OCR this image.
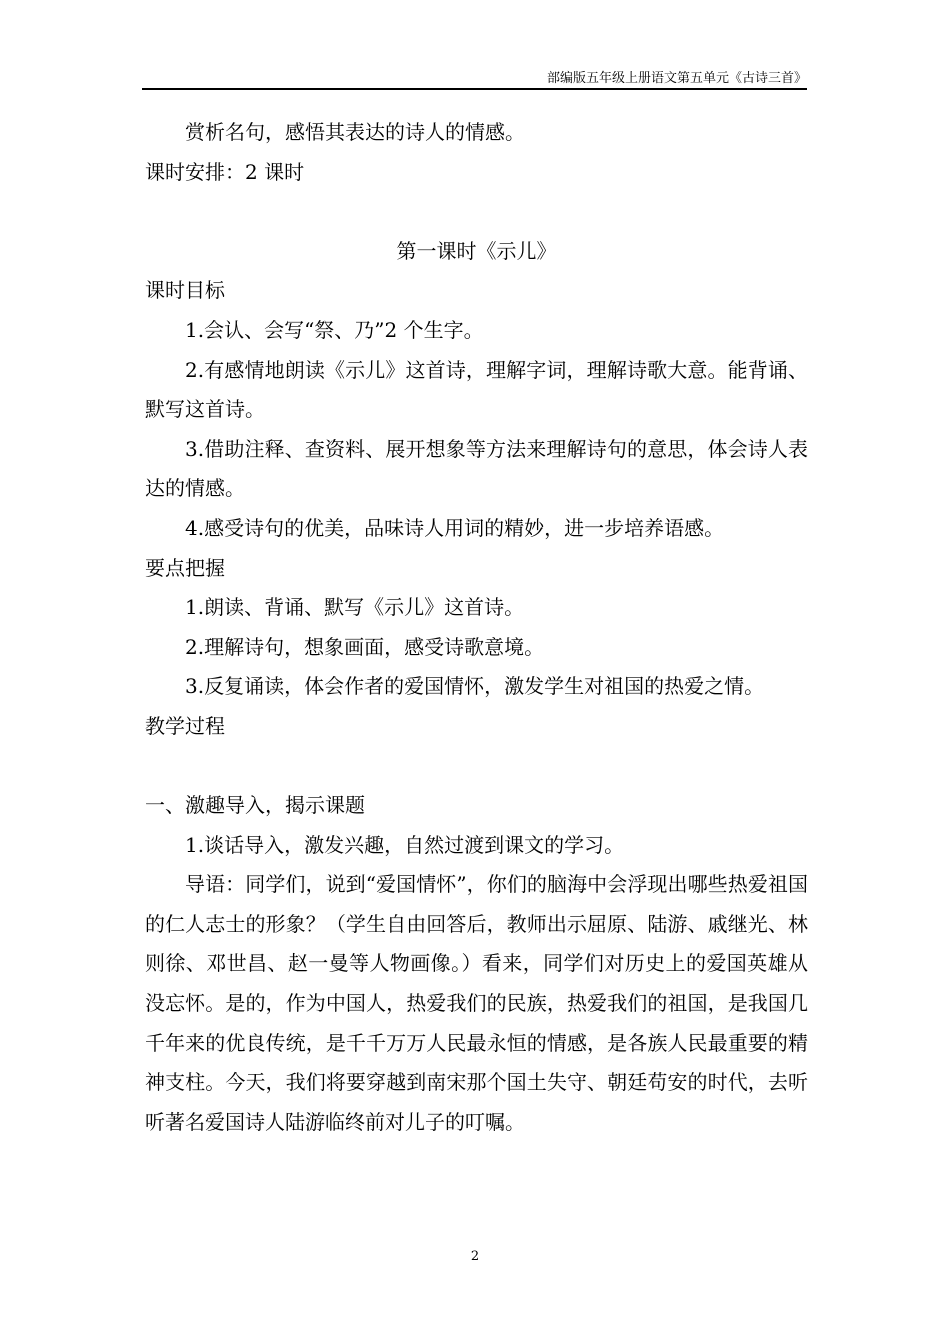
部编版五年级上册语文第五单元《古诗三首》

赏析名句，感悟其表达的诗人的情感。

课时安排：2 课时

第一课时《示儿》

课时目标

1.会认、会写“祭、乃”2 个生字。

2.有感情地朗读《示儿》这首诗，理解字词，理解诗歌大意。能背诵、默写这首诗。

3.借助注释、查资料、展开想象等方法来理解诗句的意思，体会诗人表达的情感。

4.感受诗句的优美，品味诗人用词的精妙，进一步培养语感。

要点把握

1.朗读、背诵、默写《示儿》这首诗。

2.理解诗句，想象画面，感受诗歌意境。

3.反复诵读，体会作者的爱国情怀，激发学生对祖国的热爱之情。

教学过程

一、激趣导入，揭示课题

1.谈话导入，激发兴趣，自然过渡到课文的学习。

导语：同学们，说到“爱国情怀”，你们的脑海中会浮现出哪些热爱祖国的仁人志士的形象？（学生自由回答后，教师出示屈原、陆游、戚继光、林则徐、邓世昌、赵一曼等人物画像。）看来，同学们对历史上的爱国英雄从没忘怀。是的，作为中国人，热爱我们的民族，热爱我们的祖国，是我国几千年来的优良传统，是千千万万人民最永恒的情感，是各族人民最重要的精神支柱。今天，我们将要穿越到南宋那个国土失守、朝廷苟安的时代，去听听著名爱国诗人陆游临终前对儿子的叮嘱。

2
